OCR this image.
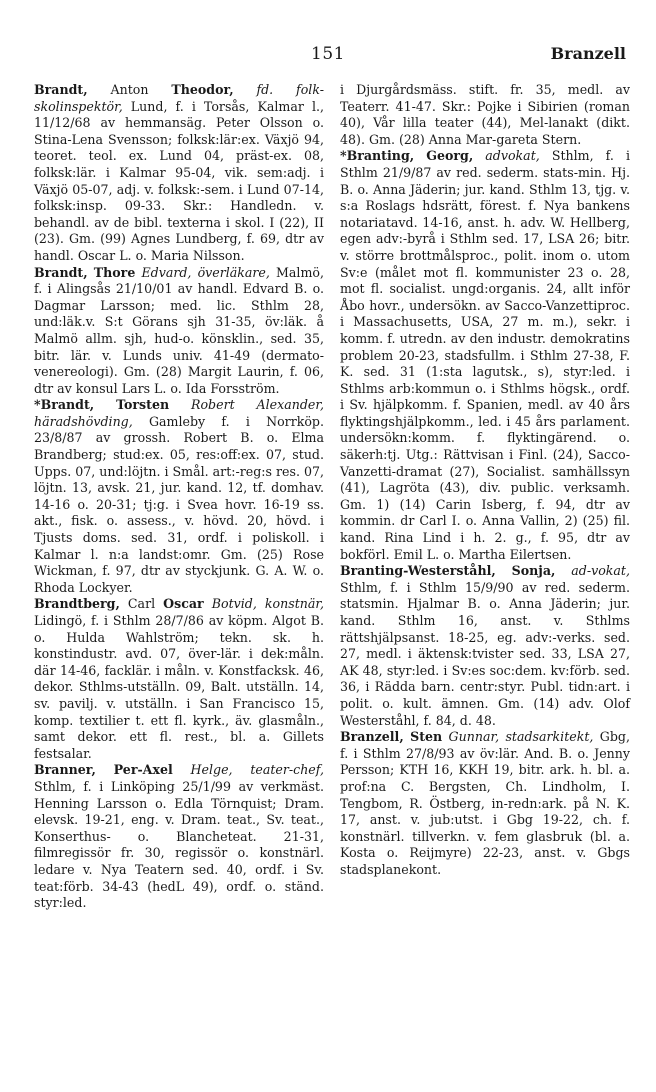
151	Branzell

Brandt, Anton Theodor, fd. folk-skolinspektör, Lund, f. i Torsås, Kalmar l., 11/12/68 av hemmansäg. Peter Olsson o. Stina-Lena Svensson; folksk:lär:ex. Växjö 94, teoret. teol. ex. Lund 04, präst-ex. 08, folksk:lär. i Kalmar 95-04, vik. sem:adj. i Växjö 05-07, adj. v. folksk:-sem. i Lund 07-14, folksk:insp. 09-33. Skr.: Handledn. v. behandl. av de bibl. texterna i skol. I (22), II (23). Gm. (99) Agnes Lundberg, f. 69, dtr av handl. Oscar L. o. Maria Nilsson.

Brandt, Thore Edvard, överläkare, Malmö, f. i Alingsås 21/10/01 av handl. Edvard B. o. Dagmar Larsson; med. lic. Sthlm 28, und:läk.v. S:t Görans sjh 31-35, öv:läk. å Malmö allm. sjh, hud-o. könsklin., sed. 35, bitr. lär. v. Lunds univ. 41-49 (dermato-venereologi). Gm. (28) Margit Laurin, f. 06, dtr av konsul Lars L. o. Ida Forsström.

*Brandt, Torsten Robert Alexander, häradshövding, Gamleby f. i Norrköp. 23/8/87 av grossh. Robert B. o. Elma Brandberg; stud:ex. 05, res:off:ex. 07, stud. Upps. 07, und:löjtn. i Smål. art:-reg:s res. 07, löjtn. 13, avsk. 21, jur. kand. 12, tf. domhav. 14-16 o. 20-31; tj:g. i Svea hovr. 16-19 ss. akt., fisk. o. assess., v. hövd. 20, hövd. i Tjusts doms. sed. 31, ordf. i poliskoll. i Kalmar l. n:a landst:omr. Gm. (25) Rose Wickman, f. 97, dtr av styckjunk. G. A. W. o. Rhoda Lockyer.

Brandtberg, Carl Oscar Botvid, konstnär, Lidingö, f. i Sthlm 28/7/86 av köpm. Algot B. o. Hulda Wahlström; tekn. sk. h. konstindustr. avd. 07, över-lär. i dek:måln. där 14-46, facklär. i måln. v. Konstfacksk. 46, dekor. Sthlms-utställn. 09, Balt. utställn. 14, sv. pavilj. v. utställn. i San Francisco 15, komp. textilier t. ett fl. kyrk., äv. glasmåln., samt dekor. ett fl. rest., bl. a. Gillets festsalar.

Branner, Per-Axel Helge, teater-chef, Sthlm, f. i Linköping 25/1/99 av verkmäst. Henning Larsson o. Edla Törnquist; Dram. elevsk. 19-21, eng. v. Dram. teat., Sv. teat., Konserthus- o. Blancheteat. 21-31, filmregissör fr. 30, regissör o. konstnärl. ledare v. Nya Teatern sed. 40, ordf. i Sv. teat:förb. 34-43 (hedL 49), ordf. o. ständ. styr:led.

i Djurgårdsmäss. stift. fr. 35, medl. av Teaterr. 41-47. Skr.: Pojke i Sibirien (roman 40), Vår lilla teater (44), Mel-lanakt (dikt. 48). Gm. (28) Anna Mar-gareta Stern.

*Branting, Georg, advokat, Sthlm, f. i Sthlm 21/9/87 av red. sederm. stats-min. Hj. B. o. Anna Jäderin; jur. kand. Sthlm 13, tjg. v. s:a Roslags hdsrätt, förest. f. Nya bankens notariatavd. 14-16, anst. h. adv. W. Hellberg, egen adv:-byrå i Sthlm sed. 17, LSA 26; bitr. v. större brottmålsproc., polit. inom o. utom Sv:e (målet mot fl. kommunister 23 o. 28, mot fl. socialist. ungd:organis. 24, allt inför Åbo hovr., undersökn. av Sacco-Vanzettiproc. i Massachusetts, USA, 27 m. m.), sekr. i komm. f. utredn. av den industr. demokratins problem 20-23, stadsfullm. i Sthlm 27-38, F. K. sed. 31 (1:sta lagutsk., s), styr:led. i Sthlms arb:kommun o. i Sthlms högsk., ordf. i Sv. hjälpkomm. f. Spanien, medl. av 40 års flyktingshjälpkomm., led. i 45 års parlament. undersökn:komm. f. flyktingärend. o. säkerh:tj. Utg.: Rättvisan i Finl. (24), Sacco-Vanzetti-dramat (27), Socialist. samhällssyn (41), Lagröta (43), div. public. verksamh. Gm. 1) (14) Carin Isberg, f. 94, dtr av kommin. dr Carl I. o. Anna Vallin, 2) (25) fil. kand. Rina Lind i h. 2. g., f. 95, dtr av bokförl. Emil L. o. Martha Eilertsen.

Branting-Westerståhl, Sonja, ad-vokat, Sthlm, f. i Sthlm 15/9/90 av red. sederm. statsmin. Hjalmar B. o. Anna Jäderin; jur. kand. Sthlm 16, anst. v. Sthlms rättshjälpsanst. 18-25, eg. adv:-verks. sed. 27, medl. i äktensk:tvister sed. 33, LSA 27, AK 48, styr:led. i Sv:es soc:dem. kv:förb. sed. 36, i Rädda barn. centr:styr. Publ. tidn:art. i polit. o. kult. ämnen. Gm. (14) adv. Olof Westerståhl, f. 84, d. 48.

Branzell, Sten Gunnar, stadsarkitekt, Gbg, f. i Sthlm 27/8/93 av öv:lär. And. B. o. Jenny Persson; KTH 16, KKH 19, bitr. ark. h. bl. a. prof:na C. Bergsten, Ch. Lindholm, I. Tengbom, R. Östberg, in-redn:ark. på N. K. 17, anst. v. jub:utst. i Gbg 19-22, ch. f. konstnärl. tillverkn. v. fem glasbruk (bl. a. Kosta o. Reijmyre) 22-23, anst. v. Gbgs stadsplanekont.
